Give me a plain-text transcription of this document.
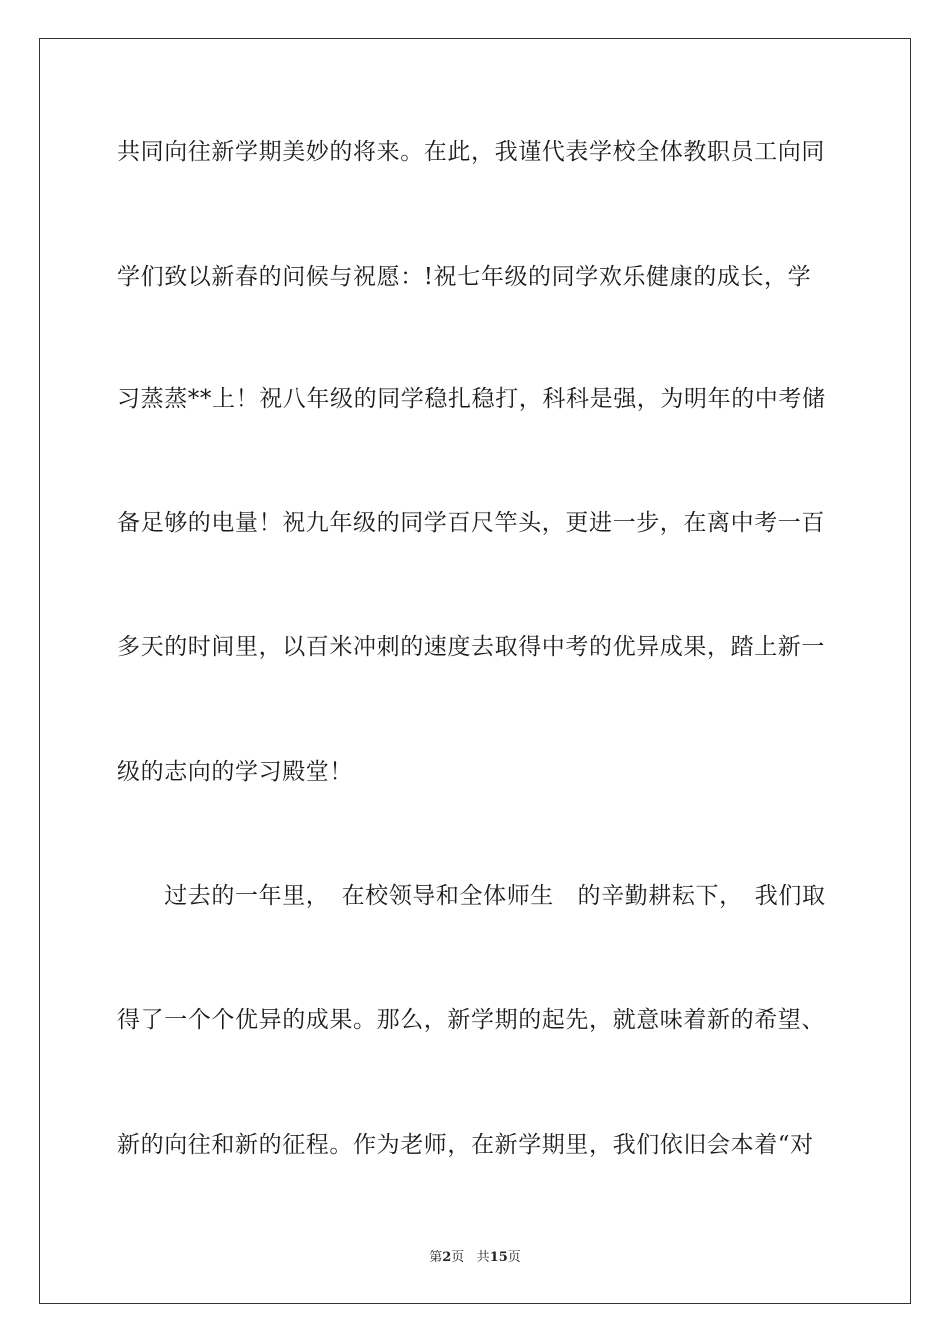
共同向往新学期美妙的将来。在此，我谨代表学校全体教职员工向同
学们致以新春的问候与祝愿：!祝七年级的同学欢乐健康的成长，学
习蒸蒸**上！祝八年级的同学稳扎稳打，科科是强，为明年的中考储
备足够的电量！祝九年级的同学百尺竿头，更进一步，在离中考一百
多天的时间里，以百米冲刺的速度去取得中考的优异成果，踏上新一
级的志向的学习殿堂！
　　过去的一年里，　在校领导和全体师生　的辛勤耕耘下，　我们取
得了一个个优异的成果。那么，新学期的起先，就意味着新的希望、
新的向往和新的征程。作为老师，在新学期里，我们依旧会本着“对
第2页 共15页
